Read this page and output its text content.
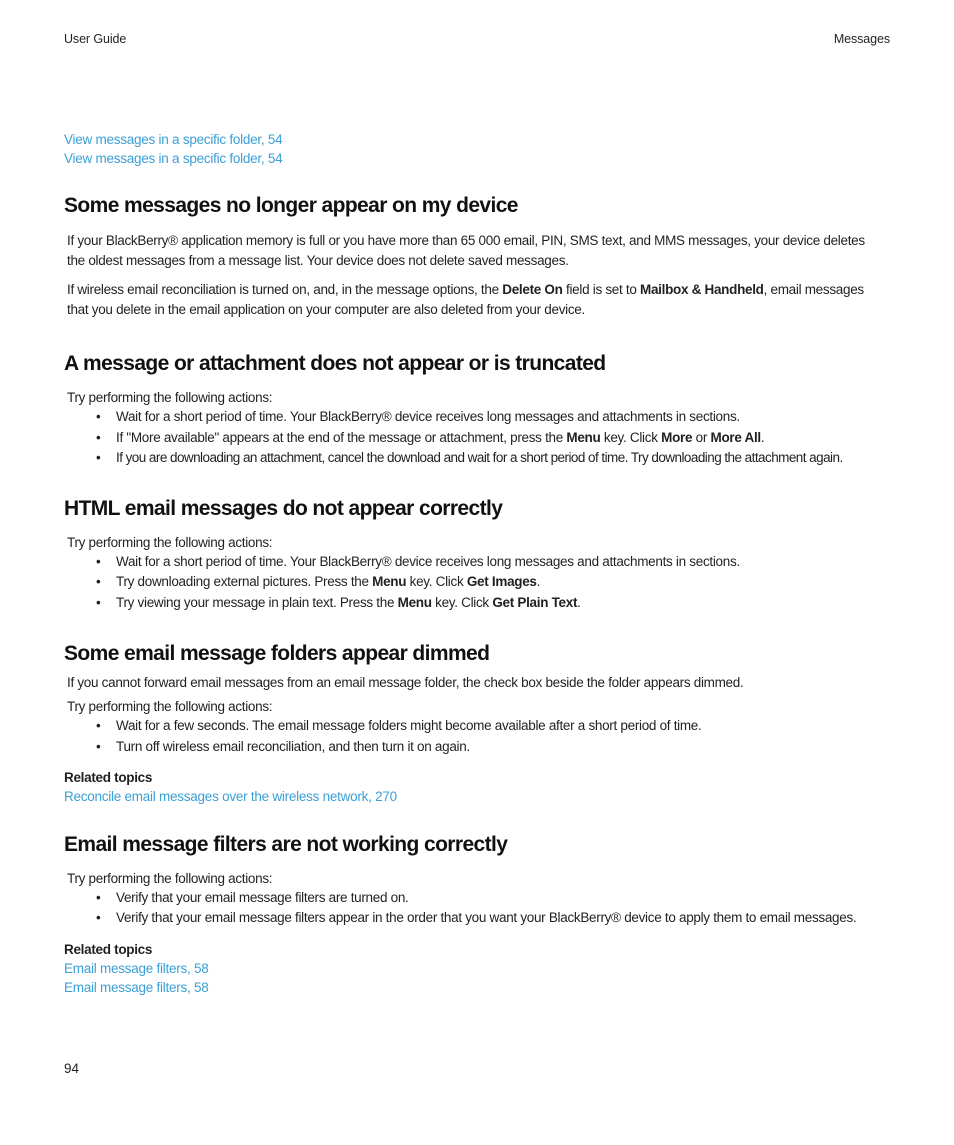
User Guide	Messages
View messages in a specific folder, 54
View messages in a specific folder, 54
Some messages no longer appear on my device
If your BlackBerry® application memory is full or you have more than 65 000 email, PIN, SMS text, and MMS messages, your device deletes
the oldest messages from a message list. Your device does not delete saved messages.
If wireless email reconciliation is turned on, and, in the message options, the Delete On field is set to Mailbox & Handheld, email messages
that you delete in the email application on your computer are also deleted from your device.
A message or attachment does not appear or is truncated
Try performing the following actions:
• Wait for a short period of time. Your BlackBerry® device receives long messages and attachments in sections.
• If "More available" appears at the end of the message or attachment, press the Menu key. Click More or More All.
• If you are downloading an attachment, cancel the download and wait for a short period of time. Try downloading the attachment again.
HTML email messages do not appear correctly
Try performing the following actions:
• Wait for a short period of time. Your BlackBerry® device receives long messages and attachments in sections.
• Try downloading external pictures. Press the Menu key. Click Get Images.
• Try viewing your message in plain text. Press the Menu key. Click Get Plain Text.
Some email message folders appear dimmed
If you cannot forward email messages from an email message folder, the check box beside the folder appears dimmed.
Try performing the following actions:
• Wait for a few seconds. The email message folders might become available after a short period of time.
• Turn off wireless email reconciliation, and then turn it on again.
Related topics
Reconcile email messages over the wireless network, 270
Email message filters are not working correctly
Try performing the following actions:
• Verify that your email message filters are turned on.
• Verify that your email message filters appear in the order that you want your BlackBerry® device to apply them to email messages.
Related topics
Email message filters, 58
Email message filters, 58
94
